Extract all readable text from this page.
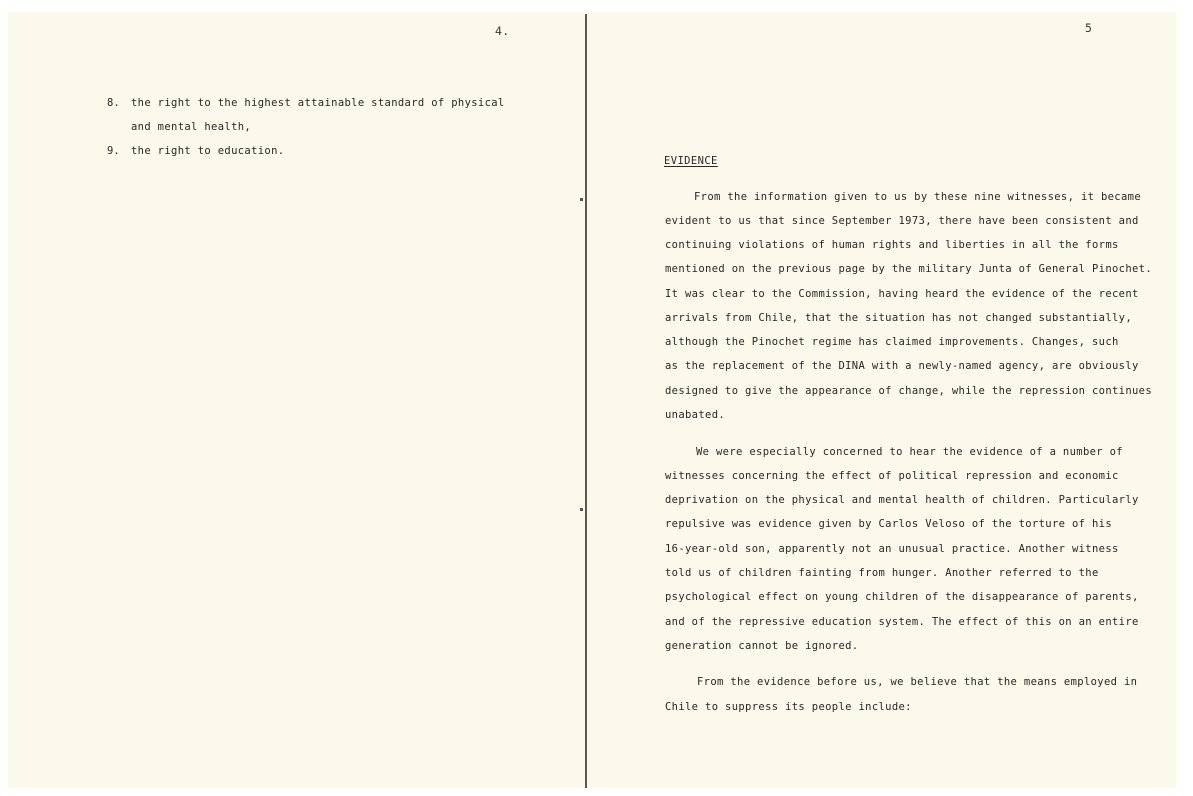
4.
8. the right to the highest attainable standard of physical
and mental health,
9. the right to education.
5
EVIDENCE
From the information given to us by these nine witnesses, it became
evident to us that since September 1973, there have been consistent and
continuing violations of human rights and liberties in all the forms
mentioned on the previous page by the military Junta of General Pinochet.
It was clear to the Commission, having heard the evidence of the recent
arrivals from Chile, that the situation has not changed substantially,
although the Pinochet regime has claimed improvements. Changes, such
as the replacement of the DINA with a newly-named agency, are obviously
designed to give the appearance of change, while the repression continues
unabated.
We were especially concerned to hear the evidence of a number of
witnesses concerning the effect of political repression and economic
deprivation on the physical and mental health of children. Particularly
repulsive was evidence given by Carlos Veloso of the torture of his
16-year-old son, apparently not an unusual practice. Another witness
told us of children fainting from hunger. Another referred to the
psychological effect on young children of the disappearance of parents,
and of the repressive education system. The effect of this on an entire
generation cannot be ignored.
From the evidence before us, we believe that the means employed in
Chile to suppress its people include:
